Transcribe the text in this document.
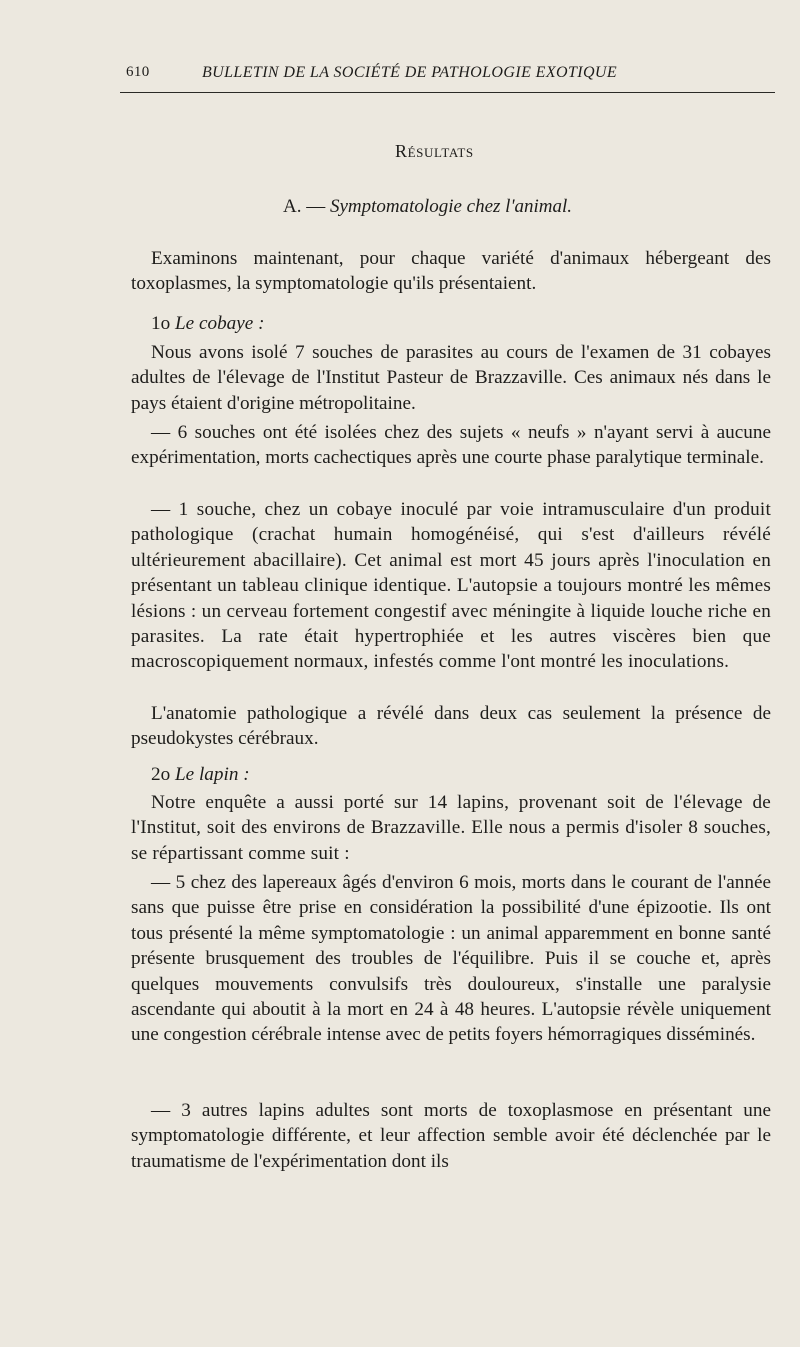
610	BULLETIN DE LA SOCIÉTÉ DE PATHOLOGIE EXOTIQUE
Résultats
A. — Symptomatologie chez l'animal.

Examinons maintenant, pour chaque variété d'animaux hébergeant des toxoplasmes, la symptomatologie qu'ils présentaient.

1o Le cobaye :

Nous avons isolé 7 souches de parasites au cours de l'examen de 31 cobayes adultes de l'élevage de l'Institut Pasteur de Brazzaville. Ces animaux nés dans le pays étaient d'origine métropolitaine.

— 6 souches ont été isolées chez des sujets « neufs » n'ayant servi à aucune expérimentation, morts cachectiques après une courte phase paralytique terminale.

— 1 souche, chez un cobaye inoculé par voie intramusculaire d'un produit pathologique (crachat humain homogénéisé, qui s'est d'ailleurs révélé ultérieurement abacillaire). Cet animal est mort 45 jours après l'inoculation en présentant un tableau clinique identique. L'autopsie a toujours montré les mêmes lésions : un cerveau fortement congestif avec méningite à liquide louche riche en parasites. La rate était hypertrophiée et les autres viscères bien que macroscopiquement normaux, infestés comme l'ont montré les inoculations.

L'anatomie pathologique a révélé dans deux cas seulement la présence de pseudokystes cérébraux.

2o Le lapin :

Notre enquête a aussi porté sur 14 lapins, provenant soit de l'élevage de l'Institut, soit des environs de Brazzaville. Elle nous a permis d'isoler 8 souches, se répartissant comme suit :

— 5 chez des lapereaux âgés d'environ 6 mois, morts dans le courant de l'année sans que puisse être prise en considération la possibilité d'une épizootie. Ils ont tous présenté la même symptomatologie : un animal apparemment en bonne santé présente brusquement des troubles de l'équilibre. Puis il se couche et, après quelques mouvements convulsifs très douloureux, s'installe une paralysie ascendante qui aboutit à la mort en 24 à 48 heures. L'autopsie révèle uniquement une congestion cérébrale intense avec de petits foyers hémorragiques disséminés.

— 3 autres lapins adultes sont morts de toxoplasmose en présentant une symptomatologie différente, et leur affection semble avoir été déclenchée par le traumatisme de l'expérimentation dont ils
